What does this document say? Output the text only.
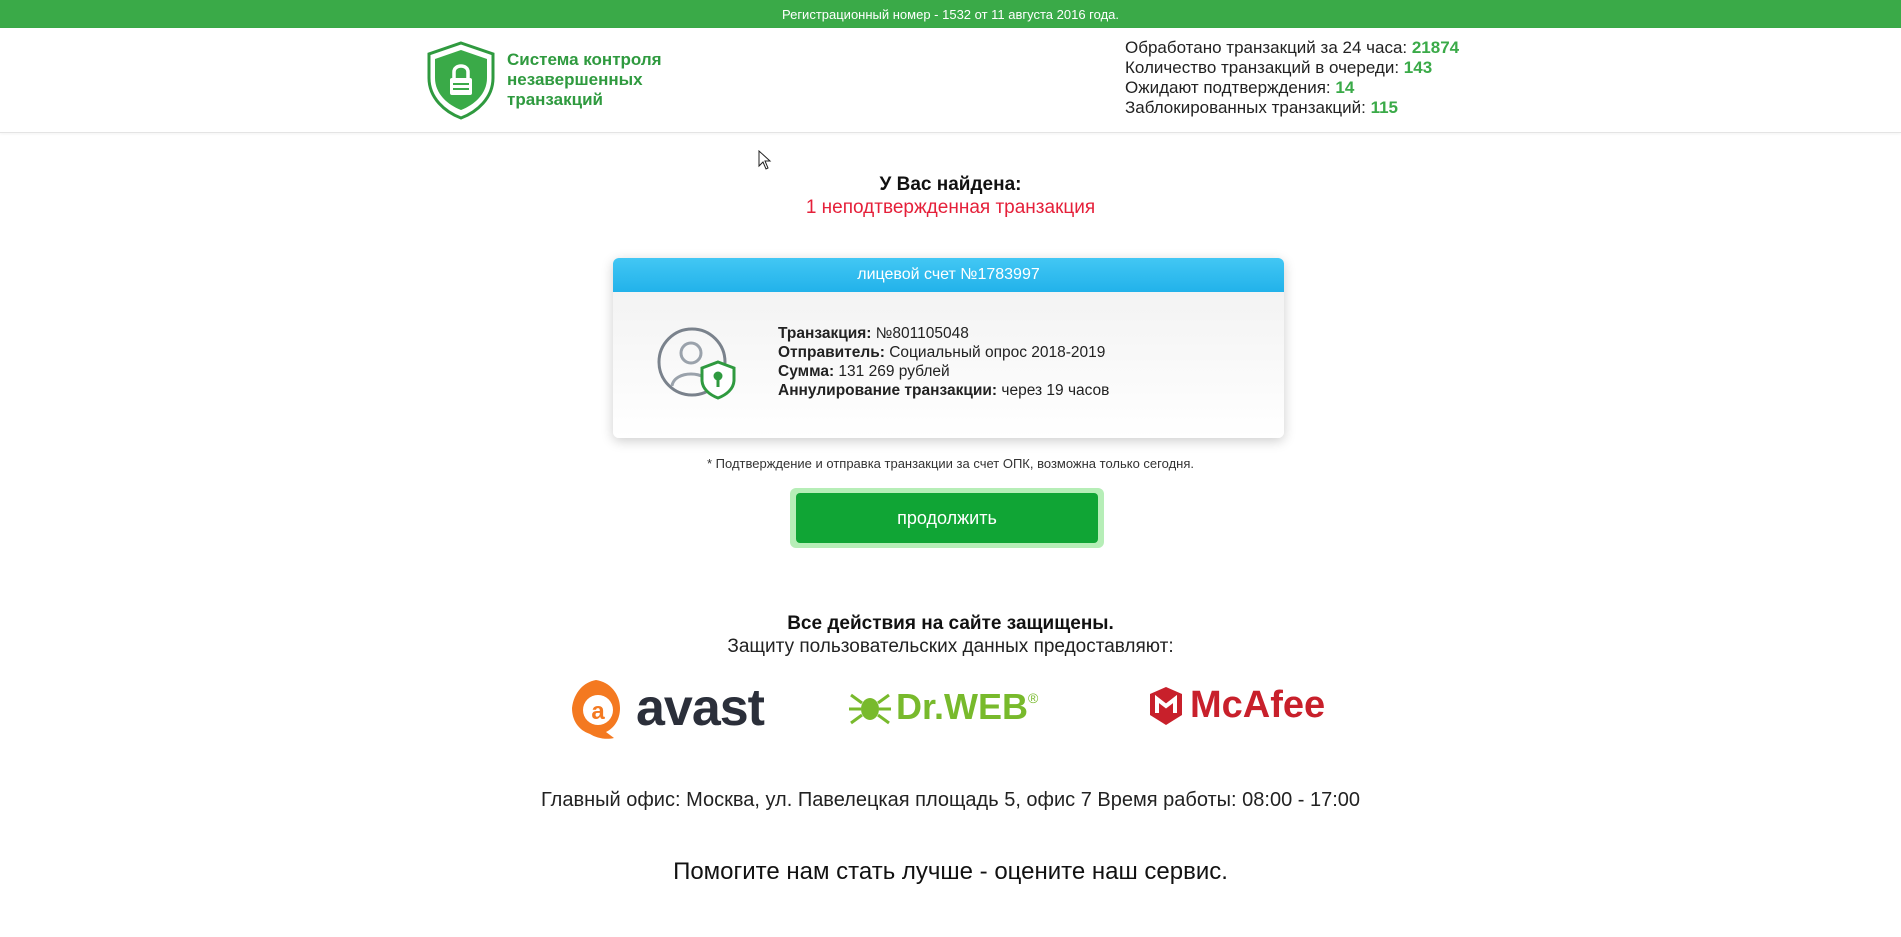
Регистрационный номер - 1532 от 11 августа 2016 года.
Система контроля незавершенных транзакций
Обработано транзакций за 24 часа: 21874
Количество транзакций в очереди: 143
Ожидают подтверждения: 14
Заблокированных транзакций: 115
У Вас найдена:
1 неподтвержденная транзакция
лицевой счет №1783997
Транзакция: №801105048
Отправитель: Социальный опрос 2018-2019
Сумма: 131 269 рублей
Аннулирование транзакции: через 19 часов
* Подтверждение и отправка транзакции за счет ОПК, возможна только сегодня.
продолжить
Все действия на сайте защищены.
Защиту пользовательских данных предоставляют:
a avast	Dr.WEB ®	McAfee
Главный офис: Москва, ул. Павелецкая площадь 5, офис 7 Время работы: 08:00 - 17:00
Помогите нам стать лучше - оцените наш сервис.
